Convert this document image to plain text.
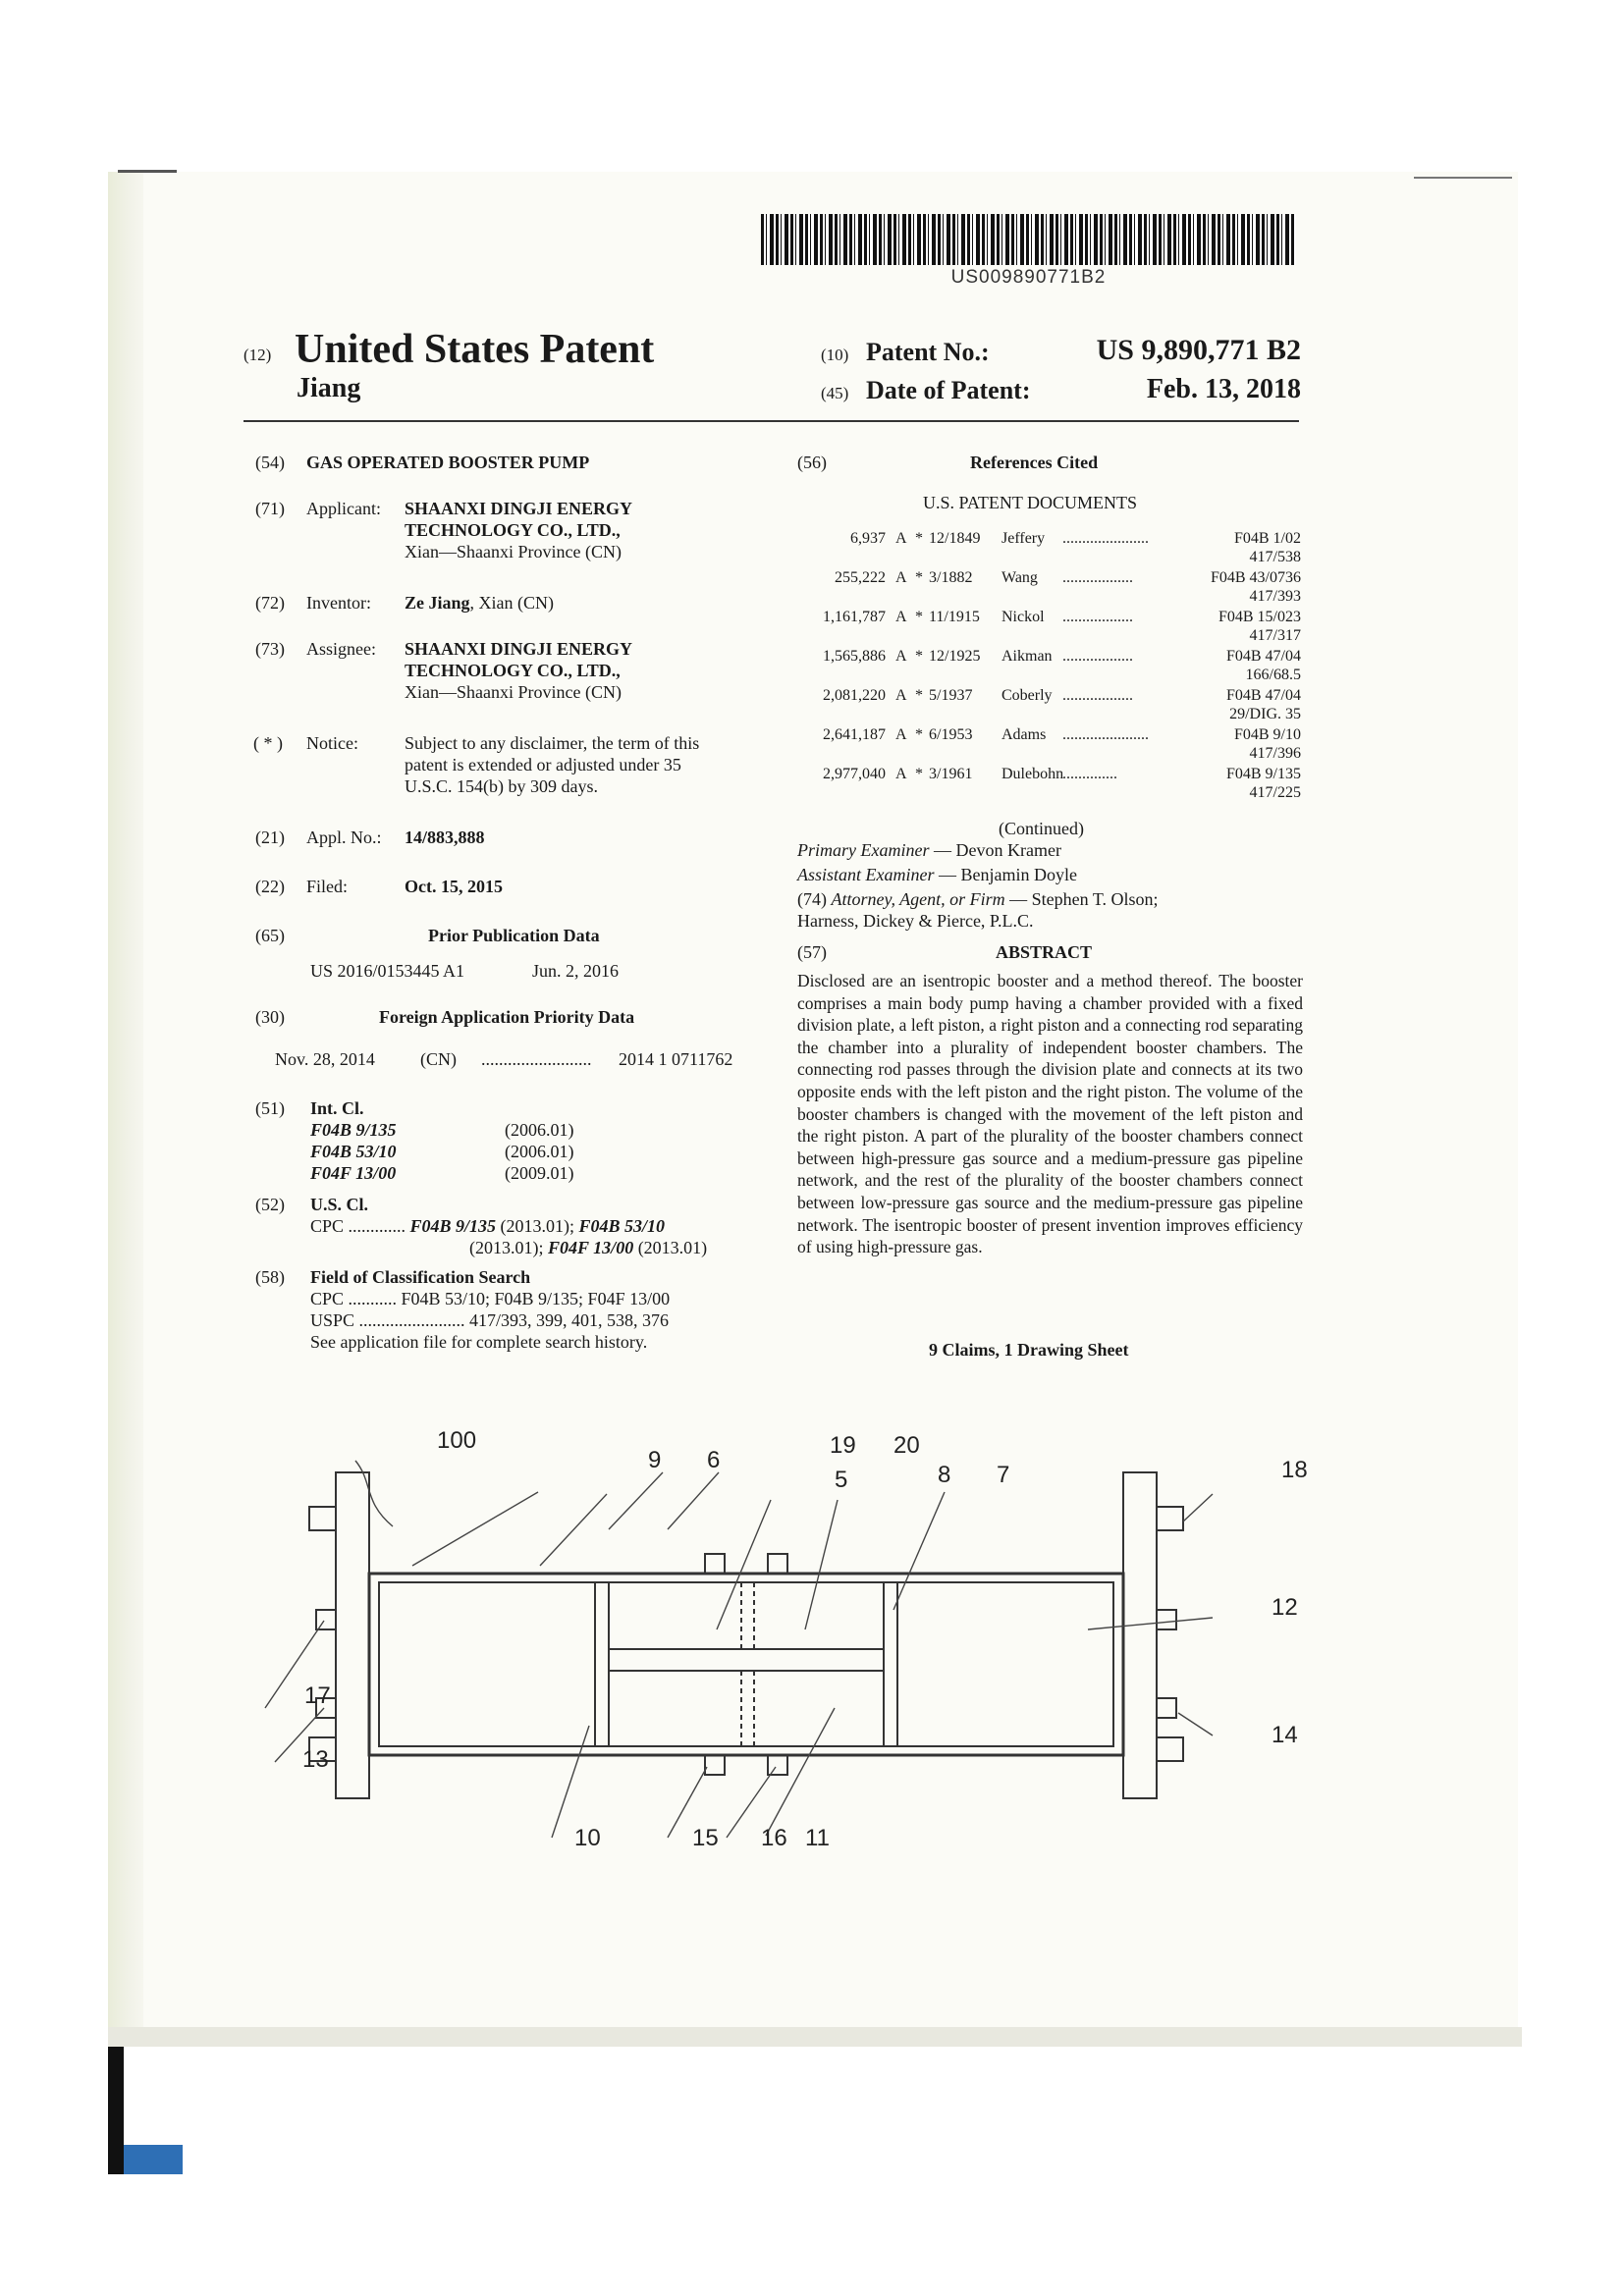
US009890771B2
(12) United States Patent
Jiang
(10) Patent No.:	US 9,890,771 B2
(45) Date of Patent:	Feb. 13, 2018
(54) GAS OPERATED BOOSTER PUMP
(71) Applicant: SHAANXI DINGJI ENERGY
TECHNOLOGY CO., LTD.,
Xian—Shaanxi Province (CN)
(72) Inventor: Ze Jiang, Xian (CN)
(73) Assignee: SHAANXI DINGJI ENERGY
TECHNOLOGY CO., LTD.,
Xian—Shaanxi Province (CN)
( * ) Notice:	Subject to any disclaimer, the term of this
patent is extended or adjusted under 35
U.S.C. 154(b) by 309 days.
(21) Appl. No.: 14/883,888
(22) Filed:	Oct. 15, 2015
(65)	Prior Publication Data
US 2016/0153445 A1	Jun. 2, 2016
(30)	Foreign Application Priority Data
Nov. 28, 2014	(CN) ......................... 2014 1 0711762
(51) Int. Cl.
F04B 9/135	(2006.01)
F04B 53/10	(2006.01)
F04F 13/00	(2009.01)
(52) U.S. Cl.
CPC ............. F04B 9/135 (2013.01); F04B 53/10
(2013.01); F04F 13/00 (2013.01)
(58) Field of Classification Search
CPC ........... F04B 53/10; F04B 9/135; F04F 13/00
USPC ........................ 417/393, 399, 401, 538, 376
See application file for complete search history.
(56)	References Cited
U.S. PATENT DOCUMENTS
6,937 A * 12/1849 Jeffery ......................	F04B 1/02
417/538
255,222 A * 3/1882 Wang ..................	F04B 43/0736
417/393
1,161,787 A * 11/1915 Nickol ..................	F04B 15/023
417/317
1,565,886 A * 12/1925 Aikman ..................	F04B 47/04
166/68.5
2,081,220 A * 5/1937 Coberly ..................	F04B 47/04
29/DIG. 35
2,641,187 A * 6/1953 Adams ......................	F04B 9/10
417/396
2,977,040 A * 3/1961 Dulebohn
..............	F04B 9/135
417/225
(Continued)
Primary Examiner — Devon Kramer
Assistant Examiner — Benjamin Doyle
(74) Attorney, Agent, or Firm — Stephen T. Olson;
Harness, Dickey & Pierce, P.L.C.
(57)	ABSTRACT
Disclosed are an isentropic booster and a method thereof. The booster comprises a main body pump having a chamber provided with a fixed division plate, a left piston, a right piston and a connecting rod separating the chamber into a plurality of independent booster chambers. The connecting rod passes through the division plate and connects at its two opposite ends with the left piston and the right piston. The volume of the booster chambers is changed with the movement of the left piston and the right piston. A part of the plurality of the booster chambers connect between high-pressure gas source and a medium-pressure gas pipeline network, and the rest of the plurality of the booster chambers connect between low-pressure gas source and the medium-pressure gas pipeline network. The isentropic booster of present invention improves efficiency of using high-pressure gas.
9 Claims, 1 Drawing Sheet
100
9 6
19 20
5	8 7	18
12
14
17
13
10	15 16 11
